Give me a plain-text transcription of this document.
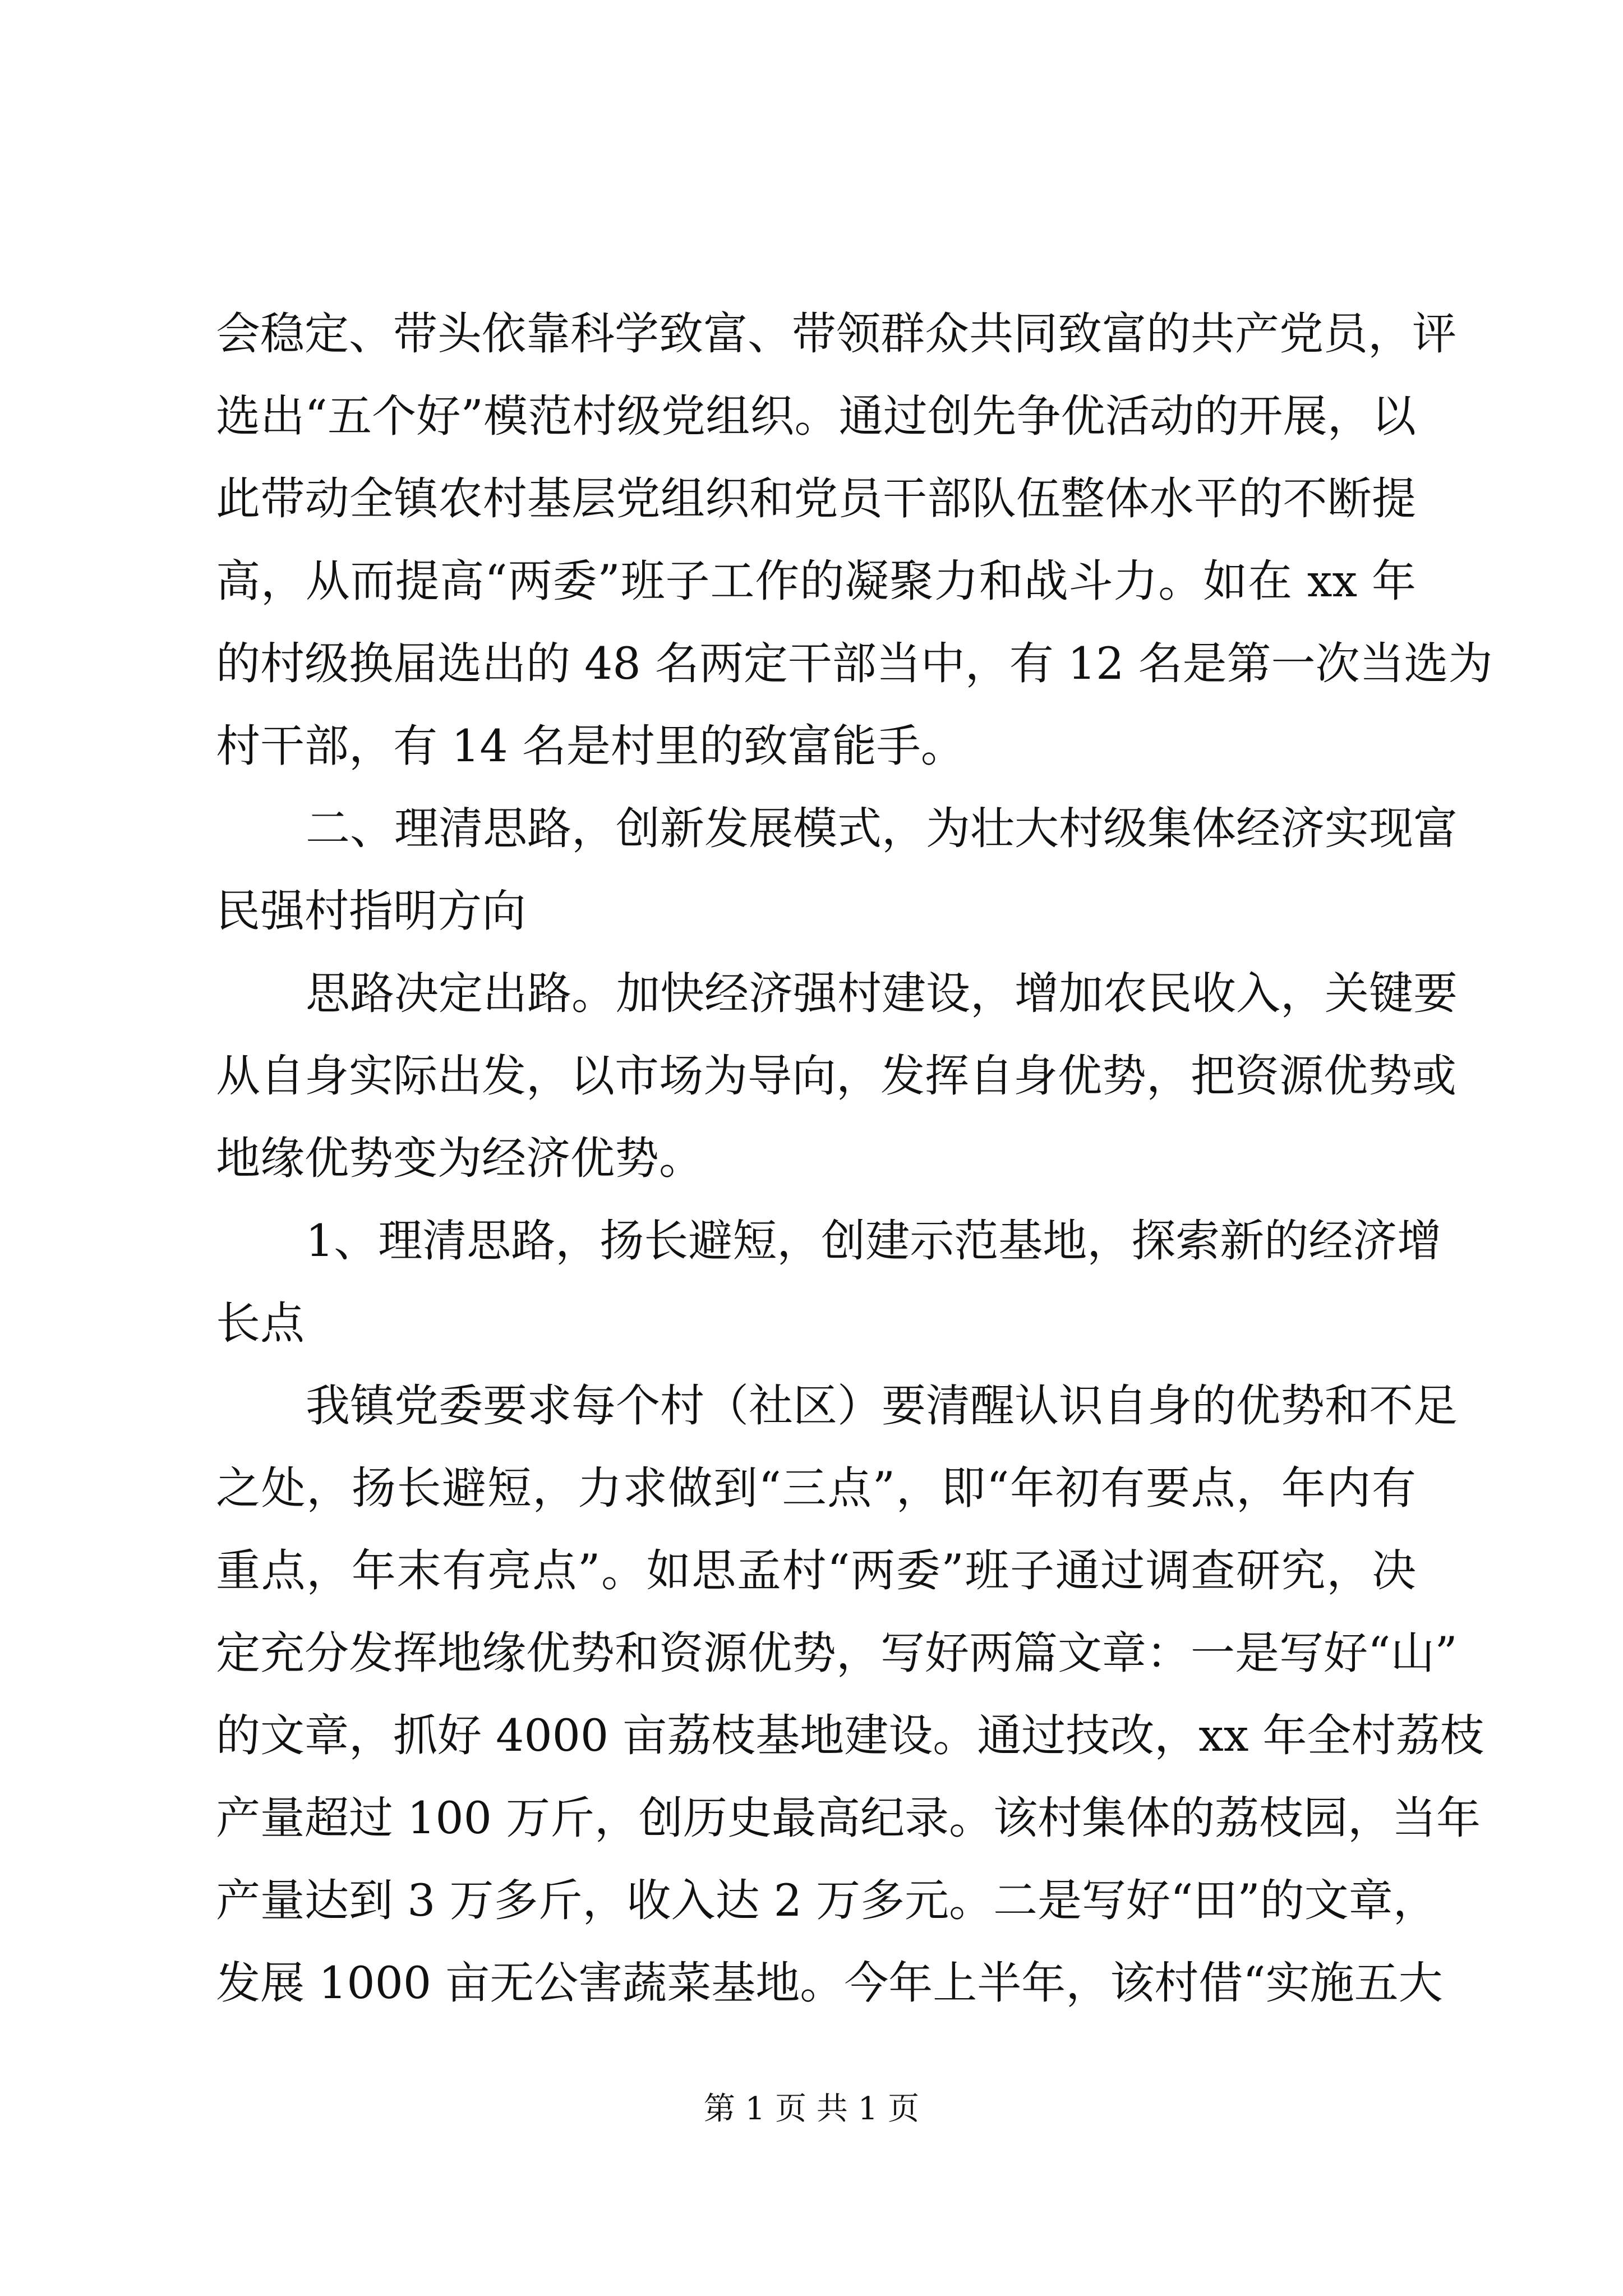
会稳定、带头依靠科学致富、带领群众共同致富的共产党员，评
选出“五个好”模范村级党组织。通过创先争优活动的开展，以
此带动全镇农村基层党组织和党员干部队伍整体水平的不断提
高，从而提高“两委”班子工作的凝聚力和战斗力。如在 xx 年
的村级换届选出的 48 名两定干部当中，有 12 名是第一次当选为
村干部，有 14 名是村里的致富能手。
二、理清思路，创新发展模式，为壮大村级集体经济实现富
民强村指明方向
思路决定出路。加快经济强村建设，增加农民收入，关键要
从自身实际出发，以市场为导向，发挥自身优势，把资源优势或
地缘优势变为经济优势。
1、理清思路，扬长避短，创建示范基地，探索新的经济增
长点
我镇党委要求每个村（社区）要清醒认识自身的优势和不足
之处，扬长避短，力求做到“三点”，即“年初有要点，年内有
重点，年末有亮点”。如思孟村“两委”班子通过调查研究，决
定充分发挥地缘优势和资源优势，写好两篇文章：一是写好“山”
的文章，抓好 4000 亩荔枝基地建设。通过技改，xx 年全村荔枝
产量超过 100 万斤，创历史最高纪录。该村集体的荔枝园，当年
产量达到 3 万多斤，收入达 2 万多元。二是写好“田”的文章，
发展 1000 亩无公害蔬菜基地。今年上半年，该村借“实施五大
第 1 页 共 1 页
